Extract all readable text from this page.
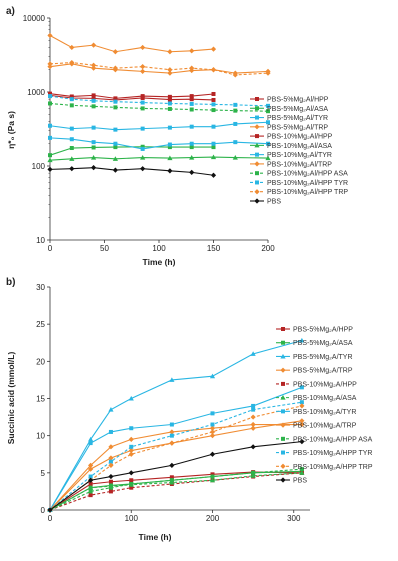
a)
η*₀ (Pa s)
Time (h)
10
100
1000
10000
0	50	100	150	200
PBS-5%Mg₂Al/HPP
PBS-5%Mg₂Al/ASA
PBS-5%Mg₂Al/TYR
PBS-5%Mg₂Al/TRP
PBS-10%Mg₂Al/HPP
PBS-10%Mg₂Al/ASA
PBS-10%Mg₂Al/TYR
PBS-10%Mg₂Al/TRP
PBS-10%Mg₂Al/HPP ASA
PBS-10%Mg₂Al/HPP TYR
PBS-10%Mg₂Al/HPP TRP
PBS
b)
Succinic acid (mmol/L)
Time (h)
0
5
10
15
20
25
30
0	100	200	300
PBS-5%Mg₂A/HPP
PBS-5%Mg₂A/ASA
PBS-5%Mg₂A/TYR
PBS-5%Mg₂A/TRP
PBS-10%Mg₂A/HPP
PBS-10%Mg₂A/ASA
PBS-10%Mg₂A/TYR
PBS-10%Mg₂A/TRP
PBS-10%Mg₂A/HPP ASA
PBS-10%Mg₂A/HPP TYR
PBS-10%Mg₂A/HPP TRP
PBS
